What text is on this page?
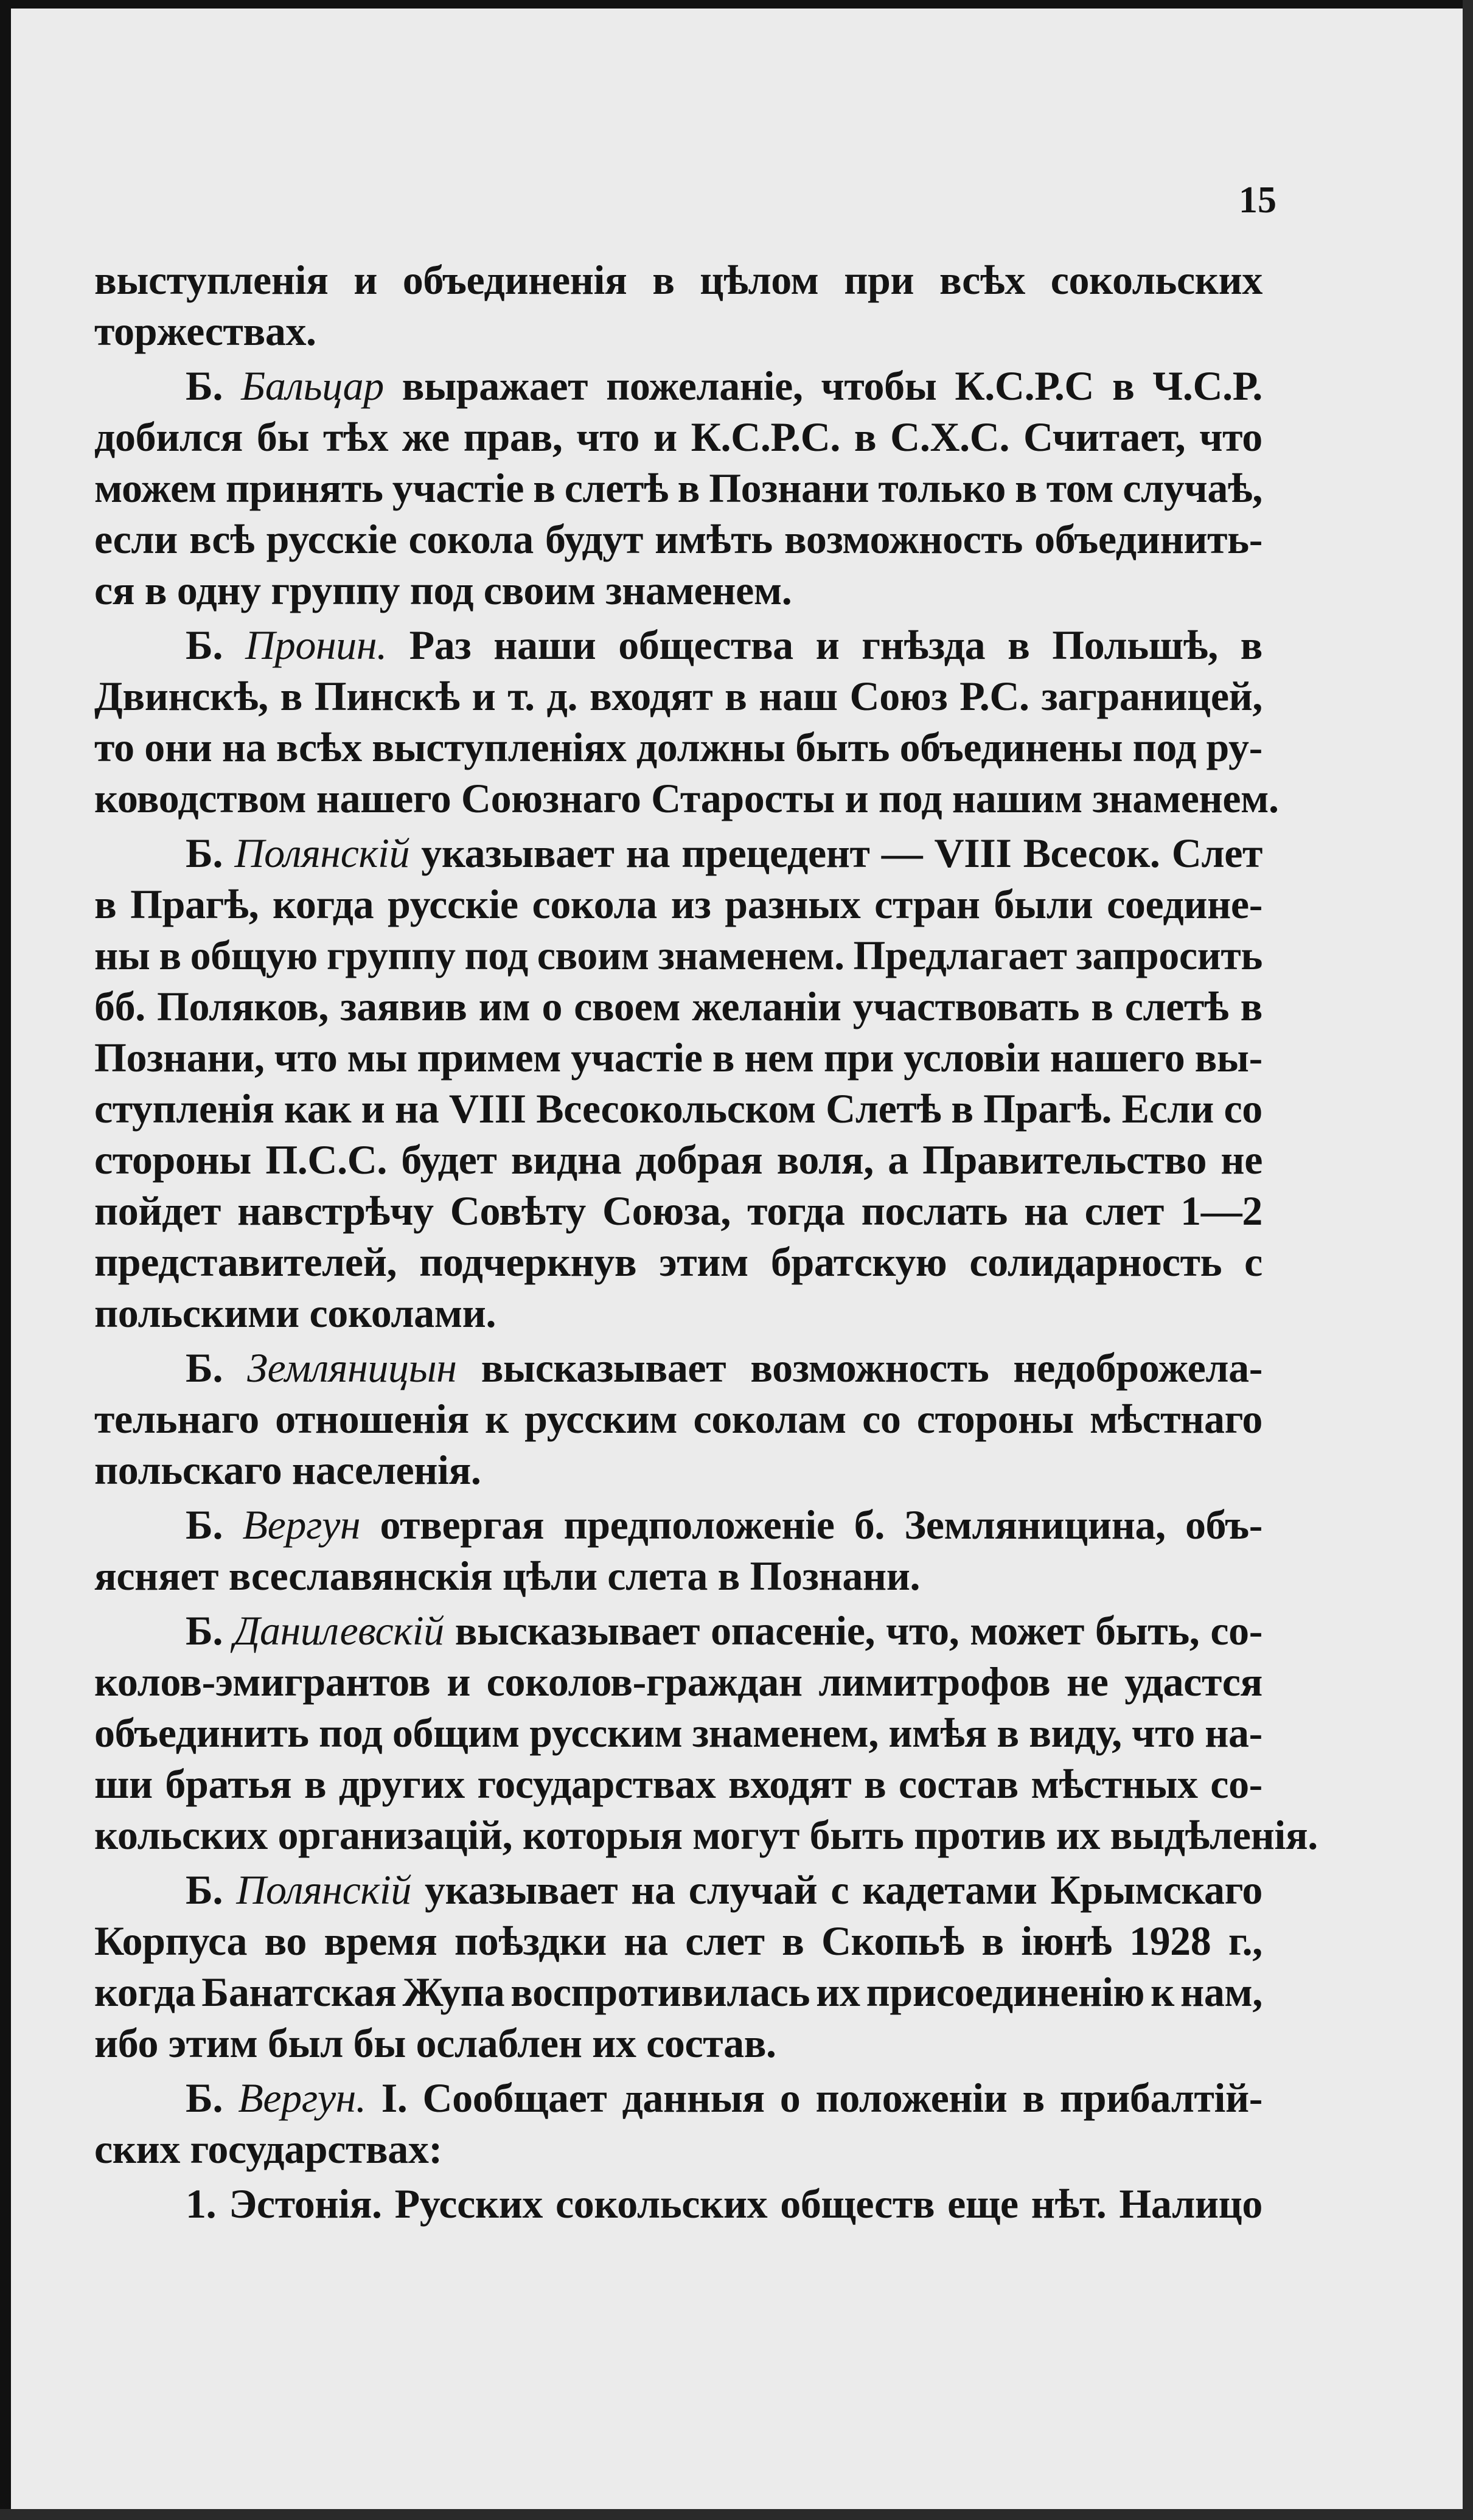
15
выступленія и объединенія в цѣлом при всѣх сокольских
торжествах.
Б. Бальцар выражает пожеланіе, чтобы К.С.Р.С в Ч.С.Р.
добился бы тѣх же прав, что и К.С.Р.С. в С.Х.С. Считает, что
можем принять участіе в слетѣ в Познани только в том случаѣ,
если всѣ русскіе сокола будут имѣть возможность объединить-
ся в одну группу под своим знаменем.
Б. Пронин. Раз наши общества и гнѣзда в Польшѣ, в
Двинскѣ, в Пинскѣ и т. д. входят в наш Союз Р.С. заграницей,
то они на всѣх выступленіях должны быть объединены под ру-
ководством нашего Союзнаго Старосты и под нашим знаменем.
Б. Полянскій указывает на прецедент — VIII Всесок. Слет
в Прагѣ, когда русскіе сокола из разных стран были соедине-
ны в общую группу под своим знаменем. Предлагает запросить
бб. Поляков, заявив им о своем желаніи участвовать в слетѣ в
Познани, что мы примем участіе в нем при условіи нашего вы-
ступленія как и на VIII Всесокольском Слетѣ в Прагѣ. Если со
стороны П.С.С. будет видна добрая воля, а Правительство не
пойдет навстрѣчу Совѣту Союза, тогда послать на слет 1—2
представителей, подчеркнув этим братскую солидарность с
польскими соколами.
Б. Земляницын высказывает возможность недоброжела-
тельнаго отношенія к русским соколам со стороны мѣстнаго
польскаго населенія.
Б. Вергун отвергая предположеніе б. Земляницина, объ-
ясняет всеславянскія цѣли слета в Познани.
Б. Данилевскій высказывает опасеніе, что, может быть, со-
колов-эмигрантов и соколов-граждан лимитрофов не удастся
объединить под общим русским знаменем, имѣя в виду, что на-
ши братья в других государствах входят в состав мѣстных со-
кольских организацій, которыя могут быть против их выдѣленія.
Б. Полянскій указывает на случай с кадетами Крымскаго
Корпуса во время поѣздки на слет в Скопьѣ в іюнѣ 1928 г.,
когда Банатская Жупа воспротивилась их присоединенію к нам,
ибо этим был бы ослаблен их состав.
Б. Вергун. I. Сообщает данныя о положеніи в прибалтій-
ских государствах:
1. Эстонія. Русских сокольских обществ еще нѣт. Налицо
